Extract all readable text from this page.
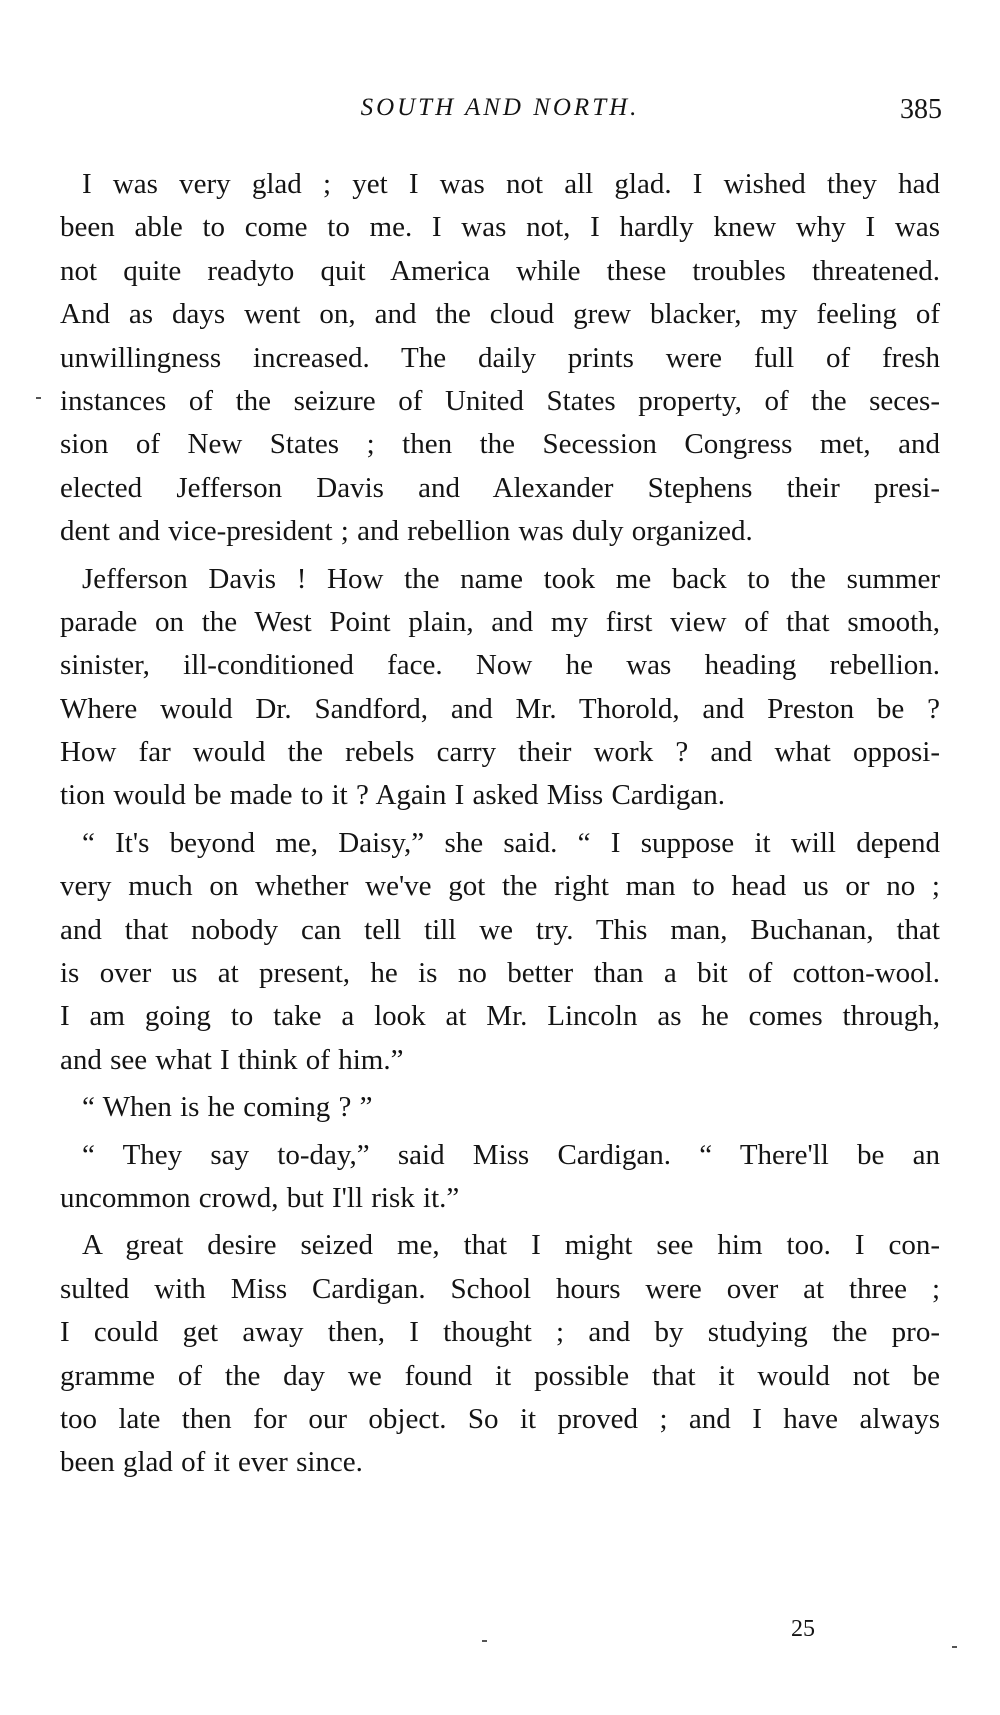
SOUTH AND NORTH.	385
I was very glad ; yet I was not all glad. I wished they had
been able to come to me. I was not, I hardly knew why I was
not quite readyto quit America while these troubles threatened.
And as days went on, and the cloud grew blacker, my feeling of
unwillingness increased. The daily prints were full of fresh
instances of the seizure of United States property, of the seces-
sion of New States ; then the Secession Congress met, and
elected Jefferson Davis and Alexander Stephens their presi-
dent and vice-president ; and rebellion was duly organized.
Jefferson Davis ! How the name took me back to the summer
parade on the West Point plain, and my first view of that smooth,
sinister, ill-conditioned face. Now he was heading rebellion.
Where would Dr. Sandford, and Mr. Thorold, and Preston be ?
How far would the rebels carry their work ? and what opposi-
tion would be made to it ? Again I asked Miss Cardigan.
“ It's beyond me, Daisy,” she said. “ I suppose it will depend
very much on whether we've got the right man to head us or no ;
and that nobody can tell till we try. This man, Buchanan, that
is over us at present, he is no better than a bit of cotton-wool.
I am going to take a look at Mr. Lincoln as he comes through,
and see what I think of him.”
“ When is he coming ? ”
“ They say to-day,” said Miss Cardigan. “ There'll be an
uncommon crowd, but I'll risk it.”
A great desire seized me, that I might see him too. I con-
sulted with Miss Cardigan. School hours were over at three ;
I could get away then, I thought ; and by studying the pro-
gramme of the day we found it possible that it would not be
too late then for our object. So it proved ; and I have always
been glad of it ever since.
25
